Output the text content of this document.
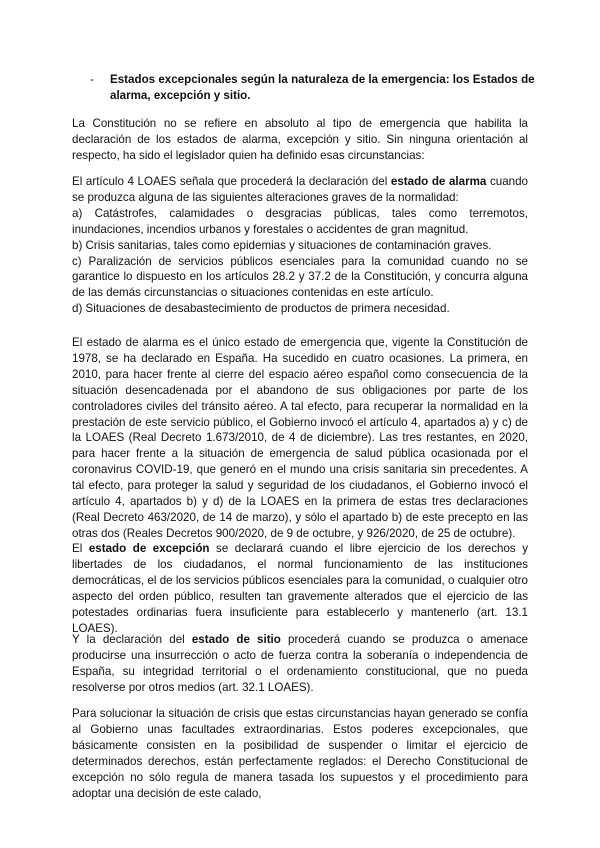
- Estados excepcionales según la naturaleza de la emergencia: los Estados de alarma, excepción y sitio.

La Constitución no se refiere en absoluto al tipo de emergencia que habilita la declaración de los estados de alarma, excepción y sitio. Sin ninguna orientación al respecto, ha sido el legislador quien ha definido esas circunstancias:

El artículo 4 LOAES señala que procederá la declaración del estado de alarma cuando se produzca alguna de las siguientes alteraciones graves de la normalidad:
a) Catástrofes, calamidades o desgracias públicas, tales como terremotos, inundaciones, incendios urbanos y forestales o accidentes de gran magnitud.
b) Crisis sanitarias, tales como epidemias y situaciones de contaminación graves.
c) Paralización de servicios públicos esenciales para la comunidad cuando no se garantice lo dispuesto en los artículos 28.2 y 37.2 de la Constitución, y concurra alguna de las demás circunstancias o situaciones contenidas en este artículo.
d) Situaciones de desabastecimiento de productos de primera necesidad.

El estado de alarma es el único estado de emergencia que, vigente la Constitución de 1978, se ha declarado en España. Ha sucedido en cuatro ocasiones. La primera, en 2010, para hacer frente al cierre del espacio aéreo español como consecuencia de la situación desencadenada por el abandono de sus obligaciones por parte de los controladores civiles del tránsito aéreo. A tal efecto, para recuperar la normalidad en la prestación de este servicio público, el Gobierno invocó el artículo 4, apartados a) y c) de la LOAES (Real Decreto 1.673/2010, de 4 de diciembre). Las tres restantes, en 2020, para hacer frente a la situación de emergencia de salud pública ocasionada por el coronavirus COVID-19, que generó en el mundo una crisis sanitaria sin precedentes. A tal efecto, para proteger la salud y seguridad de los ciudadanos, el Gobierno invocó el artículo 4, apartados b) y d) de la LOAES en la primera de estas tres declaraciones (Real Decreto 463/2020, de 14 de marzo), y sólo el apartado b) de este precepto en las otras dos (Reales Decretos 900/2020, de 9 de octubre, y 926/2020, de 25 de octubre).

El estado de excepción se declarará cuando el libre ejercicio de los derechos y libertades de los ciudadanos, el normal funcionamiento de las instituciones democráticas, el de los servicios públicos esenciales para la comunidad, o cualquier otro aspecto del orden público, resulten tan gravemente alterados que el ejercicio de las potestades ordinarias fuera insuficiente para establecerlo y mantenerlo (art. 13.1 LOAES).

Y la declaración del estado de sitio procederá cuando se produzca o amenace producirse una insurrección o acto de fuerza contra la soberanía o independencia de España, su integridad territorial o el ordenamiento constitucional, que no pueda resolverse por otros medios (art. 32.1 LOAES).

Para solucionar la situación de crisis que estas circunstancias hayan generado se confía al Gobierno unas facultades extraordinarias. Estos poderes excepcionales, que básicamente consisten en la posibilidad de suspender o limitar el ejercicio de determinados derechos, están perfectamente reglados: el Derecho Constitucional de excepción no sólo regula de manera tasada los supuestos y el procedimiento para adoptar una decisión de este calado,
